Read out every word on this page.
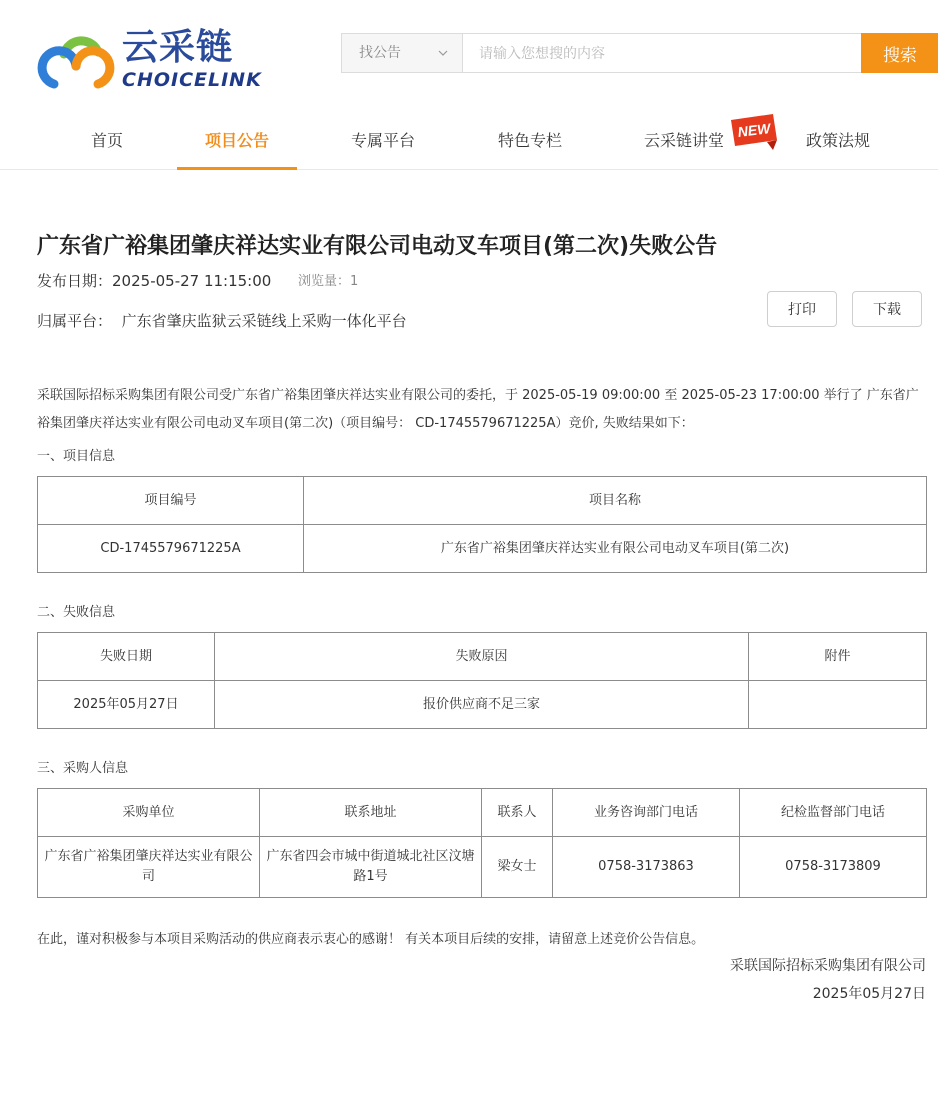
云采链
CHOICELINK
找公告
请输入您想搜的内容	搜索
首页	项目公告	专属平台	特色专栏	云采链讲堂	政策法规
NEW
广东省广裕集团肇庆祥达实业有限公司电动叉车项目(第二次)失败公告
发布日期：2025-05-27 11:15:00 浏览量：1
归属平台： 广东省肇庆监狱云采链线上采购一体化平台
打印	下载

采联国际招标采购集团有限公司受广东省广裕集团肇庆祥达实业有限公司的委托，于 2025-05-19 09:00:00 至 2025-05-23 17:00:00 举行了 广东省广裕集团肇庆祥达实业有限公司电动叉车项目(第二次)（项目编号： CD-1745579671225A）竞价, 失败结果如下：

一、项目信息
项目编号	项目名称
CD-1745579671225A	广东省广裕集团肇庆祥达实业有限公司电动叉车项目(第二次)
二、失败信息
失败日期	失败原因	附件
2025年05月27日	报价供应商不足三家	
三、采购人信息
采购单位	联系地址	联系人	业务咨询部门电话	纪检监督部门电话
广东省广裕集团肇庆祥达实业有限公司	广东省四会市城中街道城北社区汶塘路1号	梁女士	0758-3173863	0758-3173809
在此，谨对积极参与本项目采购活动的供应商表示衷心的感谢！ 有关本项目后续的安排，请留意上述竞价公告信息。
采联国际招标采购集团有限公司
2025年05月27日
